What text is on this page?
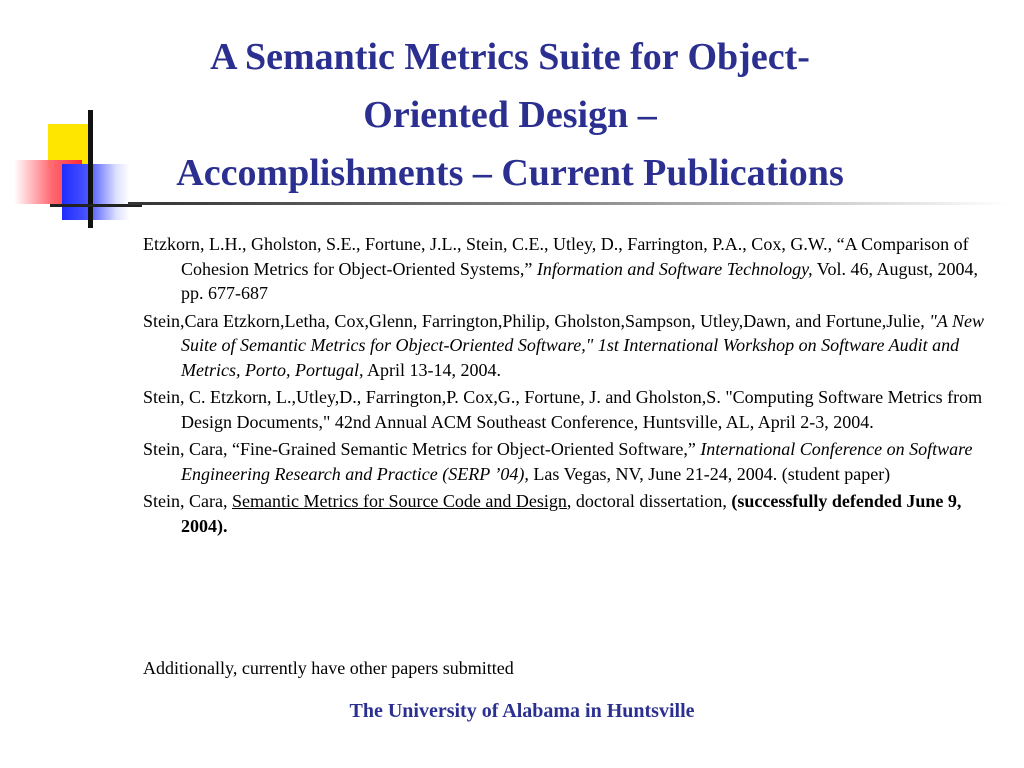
A Semantic Metrics Suite for Object-
Oriented Design –
Accomplishments – Current Publications

Etzkorn, L.H., Gholston, S.E., Fortune, J.L., Stein, C.E., Utley, D., Farrington, P.A., Cox, G.W., “A Comparison of Cohesion Metrics for Object-Oriented Systems,” Information and Software Technology, Vol. 46, August, 2004, pp. 677-687

Stein,Cara Etzkorn,Letha, Cox,Glenn, Farrington,Philip, Gholston,Sampson, Utley,Dawn, and Fortune,Julie, "A New Suite of Semantic Metrics for Object-Oriented Software," 1st International Workshop on Software Audit and Metrics, Porto, Portugal, April 13-14, 2004.

Stein, C. Etzkorn, L.,Utley,D., Farrington,P. Cox,G., Fortune, J. and Gholston,S. "Computing Software Metrics from Design Documents," 42nd Annual ACM Southeast Conference, Huntsville, AL, April 2-3, 2004.

Stein, Cara, “Fine-Grained Semantic Metrics for Object-Oriented Software,” International Conference on Software Engineering Research and Practice (SERP ’04), Las Vegas, NV, June 21-24, 2004. (student paper)

Stein, Cara, Semantic Metrics for Source Code and Design, doctoral dissertation, (successfully defended June 9, 2004).

Additionally, currently have other papers submitted
The University of Alabama in Huntsville
